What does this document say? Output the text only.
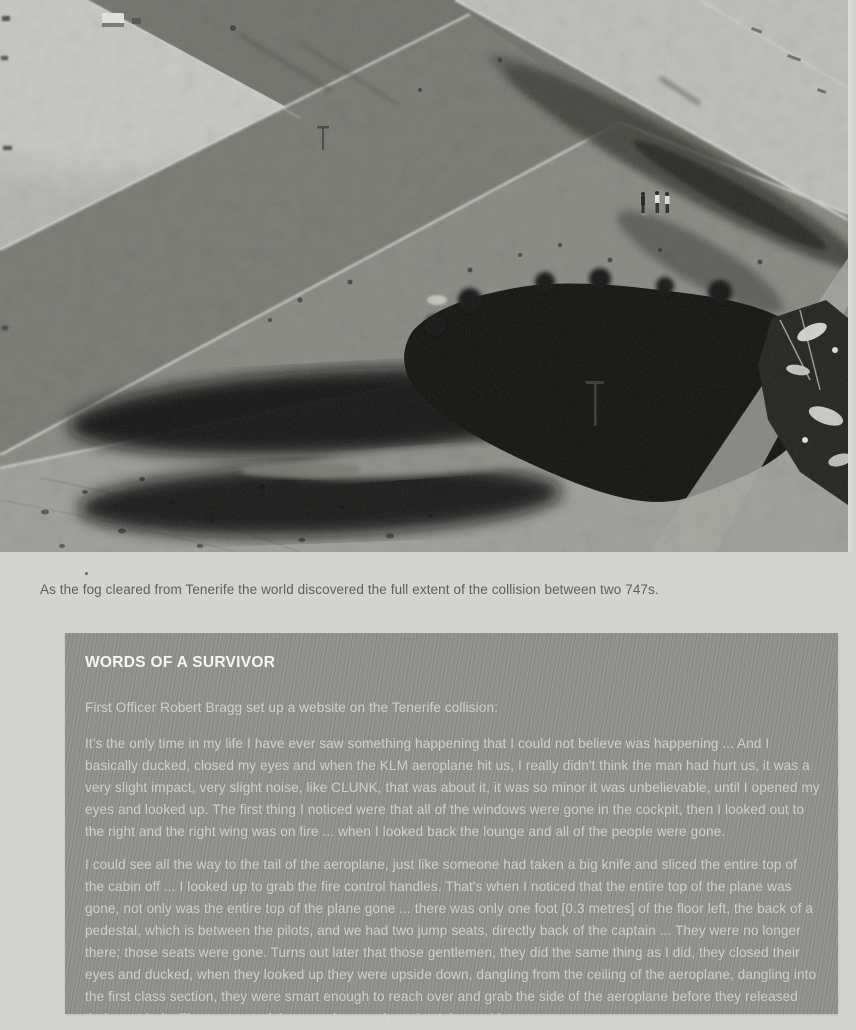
As the fog cleared from Tenerife the world discovered the full extent of the collision between two 747s.
WORDS OF A SURVIVOR

First Officer Robert Bragg set up a website on the Tenerife collision:

It's the only time in my life I have ever saw something happening that I could not believe was happening ... And I basically ducked, closed my eyes and when the KLM aeroplane hit us, I really didn't think the man had hurt us, it was a very slight impact, very slight noise, like CLUNK, that was about it, it was so minor it was unbelievable, until I opened my eyes and looked up. The first thing I noticed were that all of the windows were gone in the cockpit, then I looked out to the right and the right wing was on fire ... when I looked back the lounge and all of the people were gone.

I could see all the way to the tail of the aeroplane, just like someone had taken a big knife and sliced the entire top of the cabin off ... I looked up to grab the fire control handles. That's when I noticed that the entire top of the plane was gone, not only was the entire top of the plane gone ... there was only one foot [0.3 metres] of the floor left, the back of a pedestal, which is between the pilots, and we had two jump seats, directly back of the captain ... They were no longer there; those seats were gone. Turns out later that those gentlemen, they did the same thing as I did, they closed their eyes and ducked, when they looked up they were upside down, dangling from the ceiling of the aeroplane, dangling into the first class section, they were smart enough to reach over and grab the side of the aeroplane before they released their seat belts.They got out of the aeroplane and survived the accident.
